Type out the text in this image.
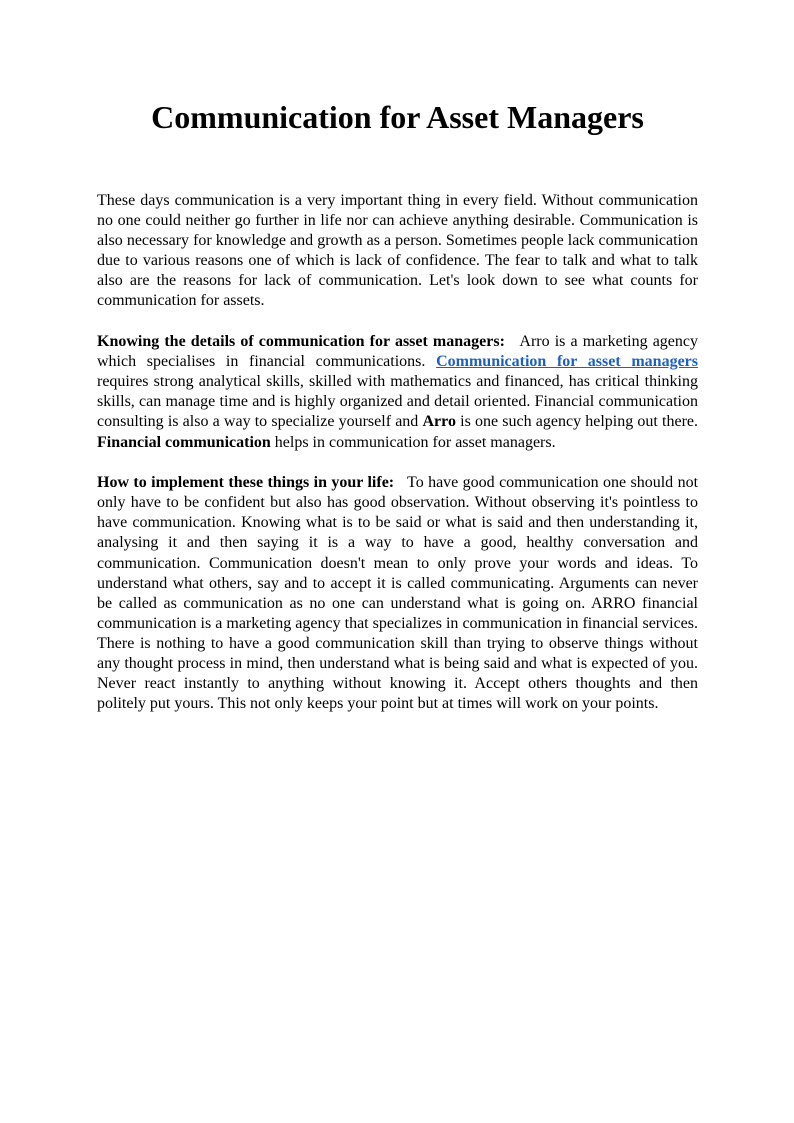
Communication for Asset Managers

These days communication is a very important thing in every field. Without communication no one could neither go further in life nor can achieve anything desirable. Communication is also necessary for knowledge and growth as a person. Sometimes people lack communication due to various reasons one of which is lack of confidence. The fear to talk and what to talk also are the reasons for lack of communication. Let's look down to see what counts for communication for assets.

Knowing the details of communication for asset managers: Arro is a marketing agency which specialises in financial communications. Communication for asset managers requires strong analytical skills, skilled with mathematics and financed, has critical thinking skills, can manage time and is highly organized and detail oriented. Financial communication consulting is also a way to specialize yourself and Arro is one such agency helping out there. Financial communication helps in communication for asset managers.

How to implement these things in your life: To have good communication one should not only have to be confident but also has good observation. Without observing it's pointless to have communication. Knowing what is to be said or what is said and then understanding it, analysing it and then saying it is a way to have a good, healthy conversation and communication. Communication doesn't mean to only prove your words and ideas. To understand what others, say and to accept it is called communicating. Arguments can never be called as communication as no one can understand what is going on. ARRO financial communication is a marketing agency that specializes in communication in financial services. There is nothing to have a good communication skill than trying to observe things without any thought process in mind, then understand what is being said and what is expected of you. Never react instantly to anything without knowing it. Accept others thoughts and then politely put yours. This not only keeps your point but at times will work on your points.
